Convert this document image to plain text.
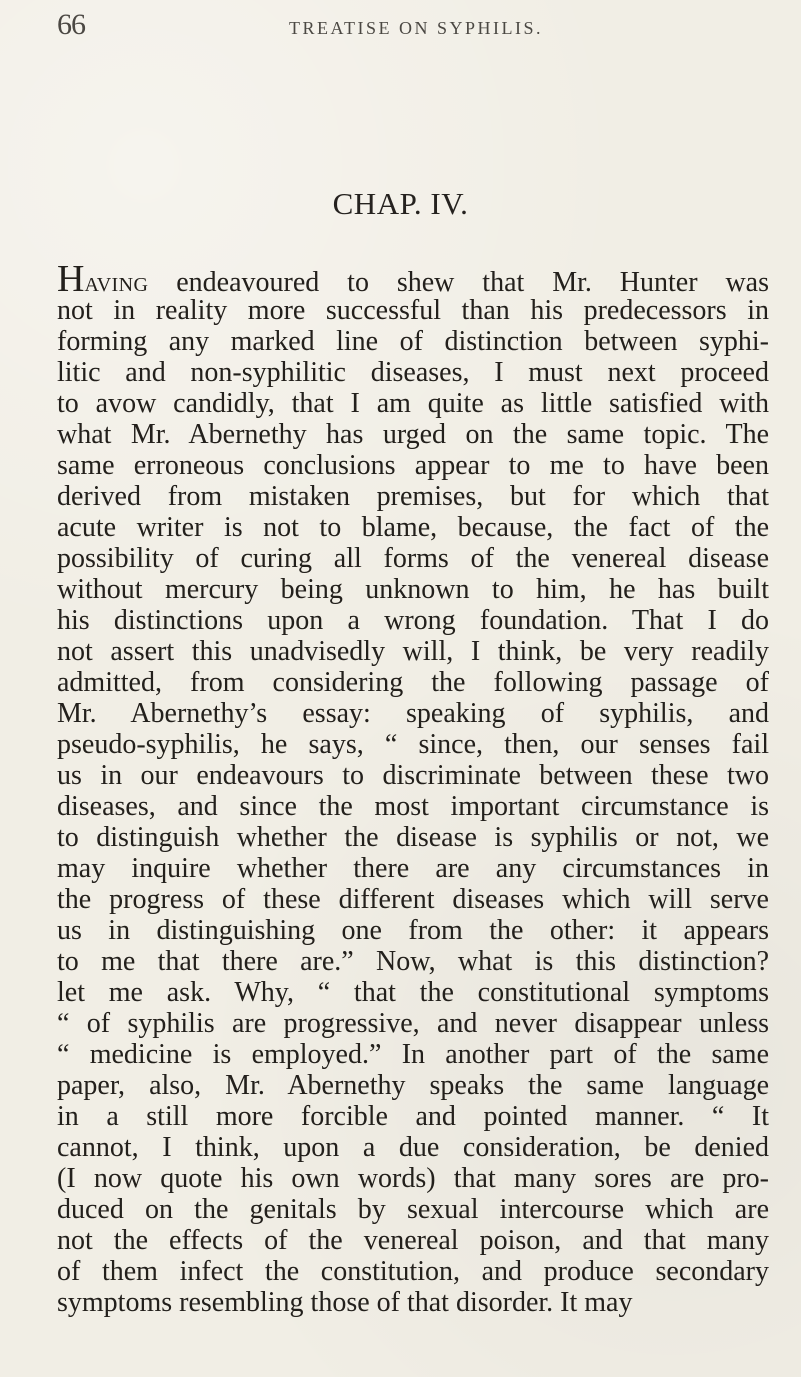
66	TREATISE ON SYPHILIS.
CHAP. IV.
Having endeavoured to shew that Mr. Hunter was
not in reality more successful than his predecessors in
forming any marked line of distinction between syphi-
litic and non-syphilitic diseases, I must next proceed
to avow candidly, that I am quite as little satisfied with
what Mr. Abernethy has urged on the same topic. The
same erroneous conclusions appear to me to have been
derived from mistaken premises, but for which that
acute writer is not to blame, because, the fact of the
possibility of curing all forms of the venereal disease
without mercury being unknown to him, he has built
his distinctions upon a wrong foundation. That I do
not assert this unadvisedly will, I think, be very readily
admitted, from considering the following passage of
Mr. Abernethy’s essay: speaking of syphilis, and
pseudo-syphilis, he says, “ since, then, our senses fail
us in our endeavours to discriminate between these two
diseases, and since the most important circumstance is
to distinguish whether the disease is syphilis or not, we
may inquire whether there are any circumstances in
the progress of these different diseases which will serve
us in distinguishing one from the other: it appears
to me that there are.” Now, what is this distinction?
let me ask. Why, “ that the constitutional symptoms
“ of syphilis are progressive, and never disappear unless
“ medicine is employed.” In another part of the same
paper, also, Mr. Abernethy speaks the same language
in a still more forcible and pointed manner. “ It
cannot, I think, upon a due consideration, be denied
(I now quote his own words) that many sores are pro-
duced on the genitals by sexual intercourse which are
not the effects of the venereal poison, and that many
of them infect the constitution, and produce secondary
symptoms resembling those of that disorder. It may
